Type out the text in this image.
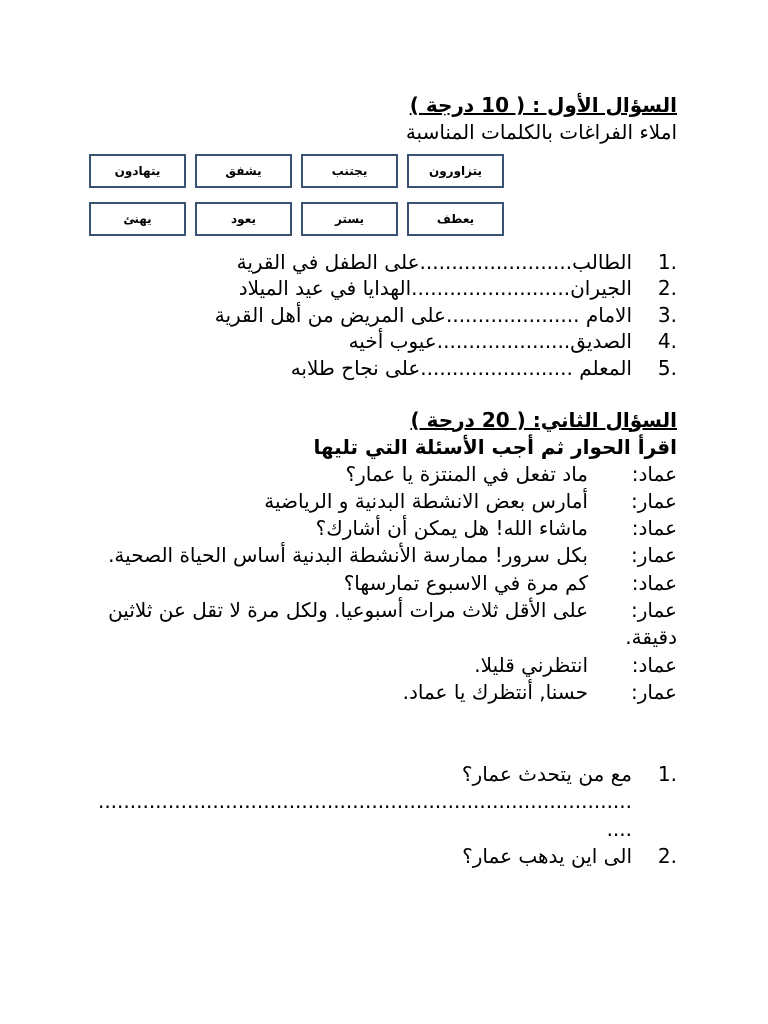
السؤال الأول : ( 10 درجة )

املاء الفراغات بالكلمات المناسبة

يتزاورون
يجتنب
يشفق
يتهادون
يعطف
يستر
يعود
يهنئ
1.
الطالب........................على الطفل في القرية
2.
الجيران.........................الهدايا في عيد الميلاد
3.
الامام .....................على المريض من أهل القرية
4.
الصديق.....................عيوب أخيه
5.
المعلم ........................على نجاح طلابه

السؤال الثاني: ( 20 درجة )

اقرأ الحوار ثم أجب الأسئلة التي تليها

عماد:ماد تفعل في المنتزة يا عمار؟

عمار:أمارس بعض الانشطة البدنية و الرياضية

عماد:ماشاء الله! هل يمكن أن أشارك؟

عمار:بكل سرور! ممارسة الأنشطة البدنية أساس الحياة الصحية.

عماد:كم مرة في الاسبوع تمارسها؟

عمار:على الأقل ثلاث مرات أسبوعيا. ولكل مرة لا تقل عن ثلاثين دقيقة.

عماد:انتظرني قليلا.

عمار:حسنا, أنتظرك يا عماد.

1.
مع من يتحدث عمار؟
........................................................................................
2.
الى اين يدهب عمار؟
